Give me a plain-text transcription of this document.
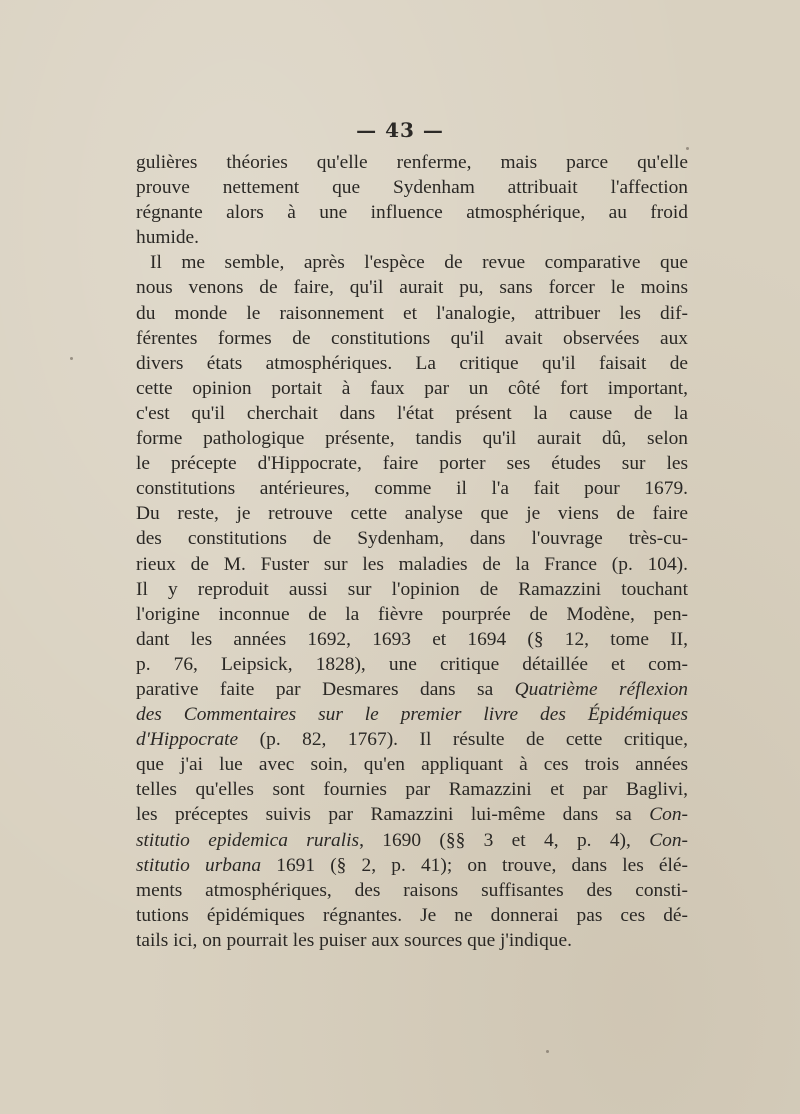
— 43 —
gulières théories qu'elle renferme, mais parce qu'elle
prouve nettement que Sydenham attribuait l'affection
régnante alors à une influence atmosphérique, au froid
humide.
Il me semble, après l'espèce de revue comparative que
nous venons de faire, qu'il aurait pu, sans forcer le moins
du monde le raisonnement et l'analogie, attribuer les dif-
férentes formes de constitutions qu'il avait observées aux
divers états atmosphériques. La critique qu'il faisait de
cette opinion portait à faux par un côté fort important,
c'est qu'il cherchait dans l'état présent la cause de la
forme pathologique présente, tandis qu'il aurait dû, selon
le précepte d'Hippocrate, faire porter ses études sur les
constitutions antérieures, comme il l'a fait pour 1679.
Du reste, je retrouve cette analyse que je viens de faire
des constitutions de Sydenham, dans l'ouvrage très-cu-
rieux de M. Fuster sur les maladies de la France (p. 104).
Il y reproduit aussi sur l'opinion de Ramazzini touchant
l'origine inconnue de la fièvre pourprée de Modène, pen-
dant les années 1692, 1693 et 1694 (§ 12, tome II,
p. 76, Leipsick, 1828), une critique détaillée et com-
parative faite par Desmares dans sa Quatrième réflexion
des Commentaires sur le premier livre des Épidémiques
d'Hippocrate (p. 82, 1767). Il résulte de cette critique,
que j'ai lue avec soin, qu'en appliquant à ces trois années
telles qu'elles sont fournies par Ramazzini et par Baglivi,
les préceptes suivis par Ramazzini lui-même dans sa Con-
stitutio epidemica ruralis, 1690 (§§ 3 et 4, p. 4), Con-
stitutio urbana 1691 (§ 2, p. 41); on trouve, dans les élé-
ments atmosphériques, des raisons suffisantes des consti-
tutions épidémiques régnantes. Je ne donnerai pas ces dé-
tails ici, on pourrait les puiser aux sources que j'indique.
